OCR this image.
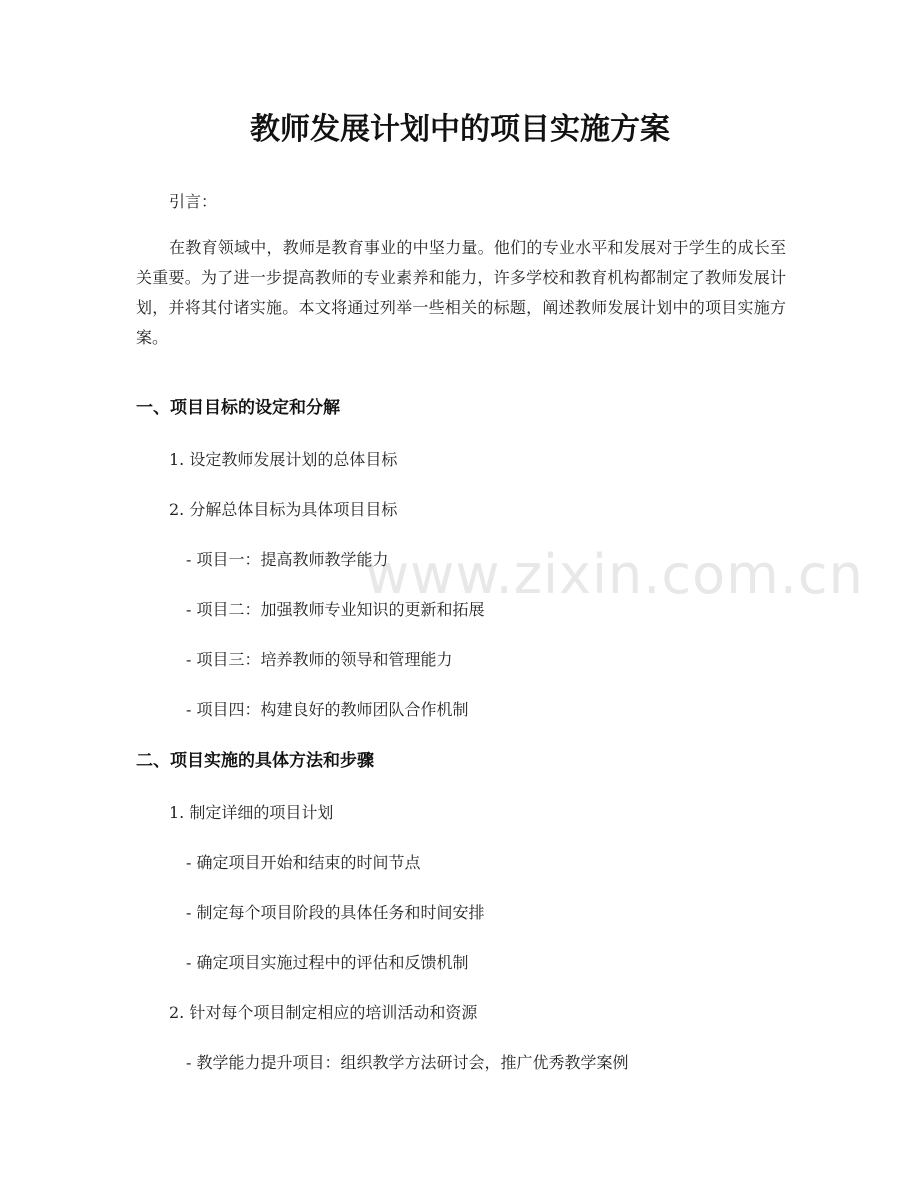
教师发展计划中的项目实施方案
引言：

在教育领域中，教师是教育事业的中坚力量。他们的专业水平和发展对于学生的成长至关重要。为了进一步提高教师的专业素养和能力，许多学校和教育机构都制定了教师发展计划，并将其付诸实施。本文将通过列举一些相关的标题，阐述教师发展计划中的项目实施方案。

一、项目目标的设定和分解
1. 设定教师发展计划的总体目标
2. 分解总体目标为具体项目目标
- 项目一：提高教师教学能力
- 项目二：加强教师专业知识的更新和拓展
- 项目三：培养教师的领导和管理能力
- 项目四：构建良好的教师团队合作机制
二、项目实施的具体方法和步骤
1. 制定详细的项目计划
- 确定项目开始和结束的时间节点
- 制定每个项目阶段的具体任务和时间安排
- 确定项目实施过程中的评估和反馈机制
2. 针对每个项目制定相应的培训活动和资源
- 教学能力提升项目：组织教学方法研讨会，推广优秀教学案例
www.zixin.com.cn
